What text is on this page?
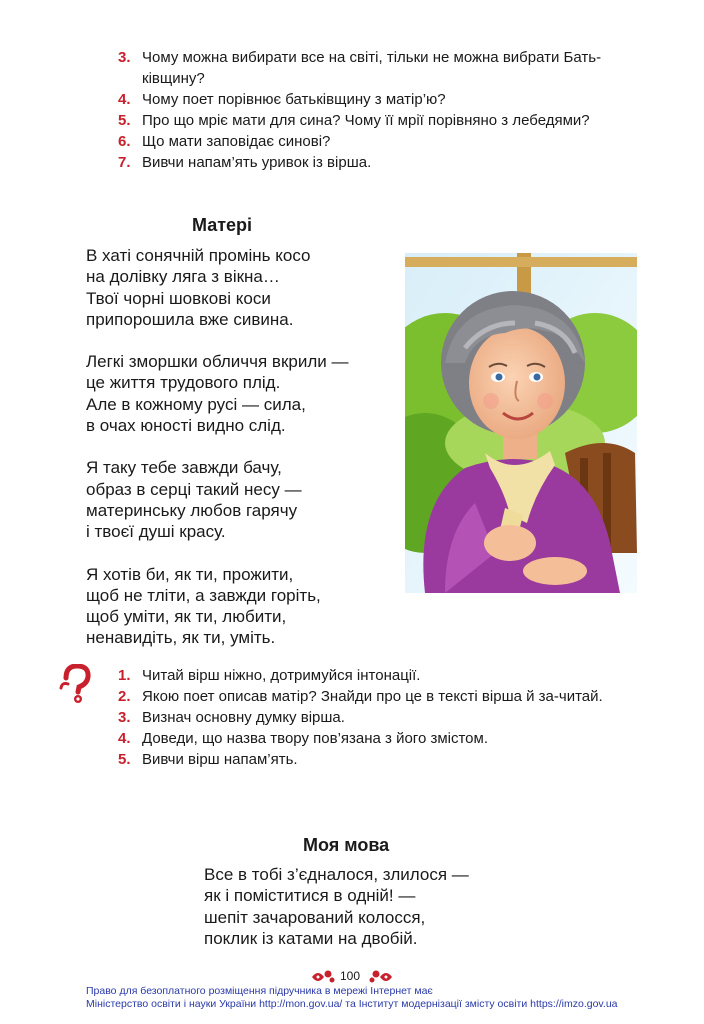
3. Чому можна вибирати все на світі, тільки не можна вибрати Бать-ківщину?
4. Чому поет порівнює батьківщину з матір’ю?
5. Про що мріє мати для сина? Чому її мрії порівняно з лебедями?
6. Що мати заповідає синові?
7. Вивчи напам’ять уривок із вірша.
Матері
В хаті сонячній промінь косо
на долівку ляга з вікна…
Твої чорні шовкові коси
припорошила вже сивина.
Легкі зморшки обличчя вкрили —
це життя трудового плід.
Але в кожному русі — сила,
в очах юності видно слід.
Я таку тебе завжди бачу,
образ в серці такий несу —
материнську любов гарячу
і твоєї душі красу.
Я хотів би, як ти, прожити,
щоб не тліти, а завжди горіть,
щоб уміти, як ти, любити,
ненавидіть, як ти, уміть.
1. Читай вірш ніжно, дотримуйся інтонації.
2. Якою поет описав матір? Знайди про це в тексті вірша й за-читай.
3. Визнач основну думку вірша.
4. Доведи, що назва твору пов’язана з його змістом.
5. Вивчи вірш напам’ять.
Моя мова
Все в тобі з’єдналося, злилося —
як і поміститися в одній! —
шепіт зачарований колосся,
поклик із катами на двобій.
100
Право для безоплатного розміщення підручника в мережі Інтернет має
Міністерство освіти і науки України http://mon.gov.ua/ та Інститут модернізації змісту освіти https://imzo.gov.ua
